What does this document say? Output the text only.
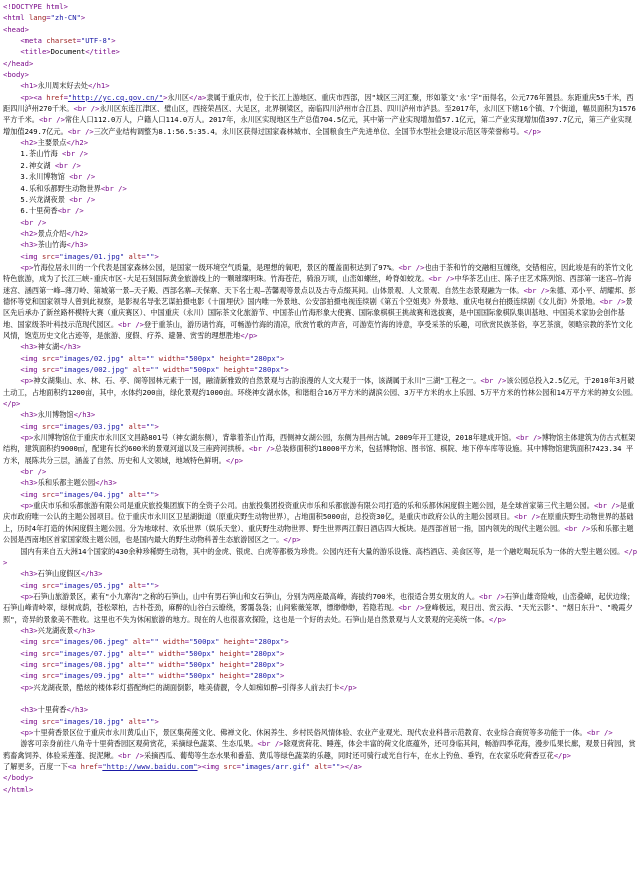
<!DOCTYPE html>
<html lang="zh-CN">
<head>
<meta charset="UTF-8">
<title>Document</title>
</head>
<body>
<h1>永川周末好去处</h1>
<p><a href="http://yc.cq.gov.cn/">永川区</a>隶属于重庆市，位于长江上游地区、重庆市西部，因"城区三河汇聚，形如篆文'永'字"而得名，公元776年置县。东距重庆55千米，西距四川泸州270千米。<br />永川区东连江津区、璧山区，西接荣昌区、大足区，北界铜梁区，南临四川泸州市合江县、四川泸州市泸县。至2017年，永川区下辖16个镇、7个街道，幅员面积为1576平方千米。<br />常住人口112.0万人，户籍人口114.0万人。2017年，永川区实现地区生产总值704.5亿元，其中第一产业实现增加值57.1亿元，第二产业实现增加值397.7亿元，第三产业实现增加值249.7亿元。<br />三次产业结构调整为8.1:56.5:35.4。永川区获得过国家森林城市、全国粮食生产先进单位、全国节水型社会建设示范区等荣誉称号。</p>
<h2>主要景点</h2>
1.茶山竹海 <br />
2.神女湖 <br />
3.永川博物馆 <br />
4.乐和乐都野生动物世界<br />
5.兴龙湖夜景 <br />
6.十里荷香<br />
<br />
<h2>景点介绍</h2>
<h3>茶山竹海</h3>
<img src="images/01.jpg" alt="">
<p>竹海位居永川的一个代表是国家森林公园，是国家一级环境空气质量，是理想的氧吧，景区的覆盖面积达到了97%。<br />也由于茶和竹的交融相互缠绕，交错相应，因此竣是有的茶竹文化特色旅游，成为了长江三峡-重庆市区-大足石刻国际黄金旅游线上的一颗璀璨明珠。竹海苍茫，骑浪万顷，山峦如螺丝，岭脊如蛟龙。<br />中华茶艺山庄、陈子庄艺术陈列馆、西部第一迷宫—竹海迷宫、涵西第一峰—薄刀岭、第城第一景—天子殿、西部名寨—天保寨、天下名士观—苦馨观等景点以及古寺点缀其间。山体景观、人文景观、自然生态景观融为一体。<br />朱德、邓小平、胡耀邦、彭德怀等党和国家领导人曾到此视察，是影视名导张艺谋拍摄电影《十面埋伏》国内唯一外景地、公安部拍摄电视连续剧《第五个空姐夷》外景地、重庆电视台拍摄连续剧《女儿街》外景地。<br />景区先后承办了新丝路杯模特大赛（重庆赛区）、中国重庆（永川）国际茶文化旅游节、中国茶山竹海形象大使赛、国际象棋棋王挑战赛和选拔赛，是中国国际象棋队集训基地、中国美术家协会创作基地、国家级茶叶科技示范现代园区。<br />登于重茶山，游历诸竹海，可畅游竹海的清凉，欣赏竹歌的声音，可游览竹海的诗意，享受采茶的乐趣，可欣赏民族茶俗，享艺茶演，领略宗教的茶竹文化风情，饱览历史文化古迹等，是旅游、度假、疗养、避暑、赏雪的理想胜地</p>
<h3>神女湖</h3>
<img src="images/02.jpg" alt="" width="500px" height="280px">
<img src="images/002.jpg" alt="" width="500px" height="280px">
<p>神女湖集山、水、林、石、亭、阁等园林元素于一园，融清新雅致的自然景观与古韵浪漫的人文大观于一体，该湖属于永川"三湖"工程之一。<br />该公园总投入2.5亿元，于2010年3月破土动工，占地面积约1200亩，其中，水体约200亩，绿化景观约1000亩。环绕神女湖水体，和谐组合16万平方米的湖滨公园、3万平方米的水上乐园、5万平方米的竹林公园和14万平方米的神女公园。</p>
<h3>永川博物馆</h3>
<img src="images/03.jpg" alt="">
<p>永川博物馆位于重庆市永川区文昌路801号（神女湖东侧），背靠着茶山竹海，西侧神女湖公园，东侧为昌州古城。2009年开工建设，2018年建成开馆。<br />博物馆主体建筑为仿古式框架结构，建筑面积约9000㎡，配建有长约600米的景观河道以及三座跨河拱桥。<br />总装修面积约18000平方米，包括博物馆、图书馆、棋院、地下停车库等设施。其中博物馆建筑面积7423.34 平方米，展陈共分三层，涵盖了自然、历史和人文领域，地域特色鲜明。</p>
<br />
<h3>乐和乐都主题公园</h3>
<img src="images/04.jpg" alt="">
<p>重庆市乐和乐都旅游有限公司是重庆旅投集团旗下的全资子公司。由旅投集团投资重庆市乐和乐都旅游有限公司打造的乐和乐都休闲度假主题公园，是全球首家第三代主题公园。<br />是重庆市政府唯一公认的主题公园项目。位于重庆市永川区卫星湖街道（原重庆野生动物世界），占地面积5000亩，总投资30亿，是重庆市政府公认的主题公园项目。<br />在原重庆野生动物世界的基础上，历时4年打造的休闲度假主题公园。分为地球村、欢乐世界（娱乐天堂）、重庆野生动物世界、野生世界两江假日酒店四大板块。是西部首屈一指，国内领先的现代主题公园。<br />乐和乐都主题公园是西南地区首家国家级主题公园，也是国内最大的野生动物科普生态旅游园区之一。</p>
国内有来自五大洲14个国家的430余种珍稀野生动物，其中的金虎、银虎、白虎等都极为珍贵。公园内还有大量的游乐设施、高档酒店、美食区等，是一个融吃喝玩乐为一体的大型主题公园。</p>
<h3>石笋山度假区</h3>
<img src="images/05.jpg" alt="">
<p>石笋山旅游景区，素有"小九寨沟"之称的石笋山，山中有男石笋山和女石笋山，分别为两座最高峰，海拔约700米，也很适合男女朋友的人。<br />石笋山雄奇险峻，山峦叠嶂，起伏边缘；石笋山峰青岭翠，绿树成荫，苍松翠柏，古朴苍劲，麻醉的山谷白云缭绕，雾霭袅袅；山间紫薇笼罩，缥缈缈缈，若隐若现。<br />登峰极远，观日出、赏云海、"天光云影"、"烟日东升"、"晚霞夕照"，奇异的景象美不胜收。这里也不失为休闲旅游的地方。现在的人也很喜欢探险，这也是一个好的去处。石笋山是自然景观与人文景观的完美统一体。</p>
<h3>兴龙湖夜景</h3>
<img src="images/06.jpeg" alt="" width="500px" height="280px">
<img src="images/07.jpg" alt="" width="500px" height="280px">
<img src="images/08.jpg" alt="" width="500px" height="280px">
<img src="images/09.jpg" alt="" width="500px" height="280px">
<p>兴龙湖夜景，酷炫的楼体彩灯搭配绚烂的湖面倒影，唯美倩靓，令人如痴如醉~引得多人前去打卡</p>

<h3>十里荷香</h3>
<img src="images/10.jpg" alt="">
<p>十里荷香景区位于重庆市永川黄瓜山下，景区集荷莲文化、佛禅文化、休闲养生、乡村民俗风情体验、农业产业观光、现代农业科普示范教育、农业综合商贸等多功能于一体。<br />
游客可亲身前往八角寺十里荷香园区观荷赏花，采摘绿色蔬菜、生态瓜果。<br />除观赏荷花、睡莲，体会丰富的荷文化底蕴外，还可身临其间，畅游四季花海，漫步瓜果长廊，观景日荷园，赏鸦畜禽饲养、体验采莲蓬、捉泥鳅。<br />采摘西瓜、葡萄等生态水果和番茄、黄瓜等绿色蔬菜的乐趣，同时还可骑行或光自行车，在水上钓鱼、垂钓，在农家乐吃荷香豆花</p>
了解更多，百度一下<a href="http://www.baidu.com"><img src="images/arr.gif" alt=""></a>
</body>
</html>
